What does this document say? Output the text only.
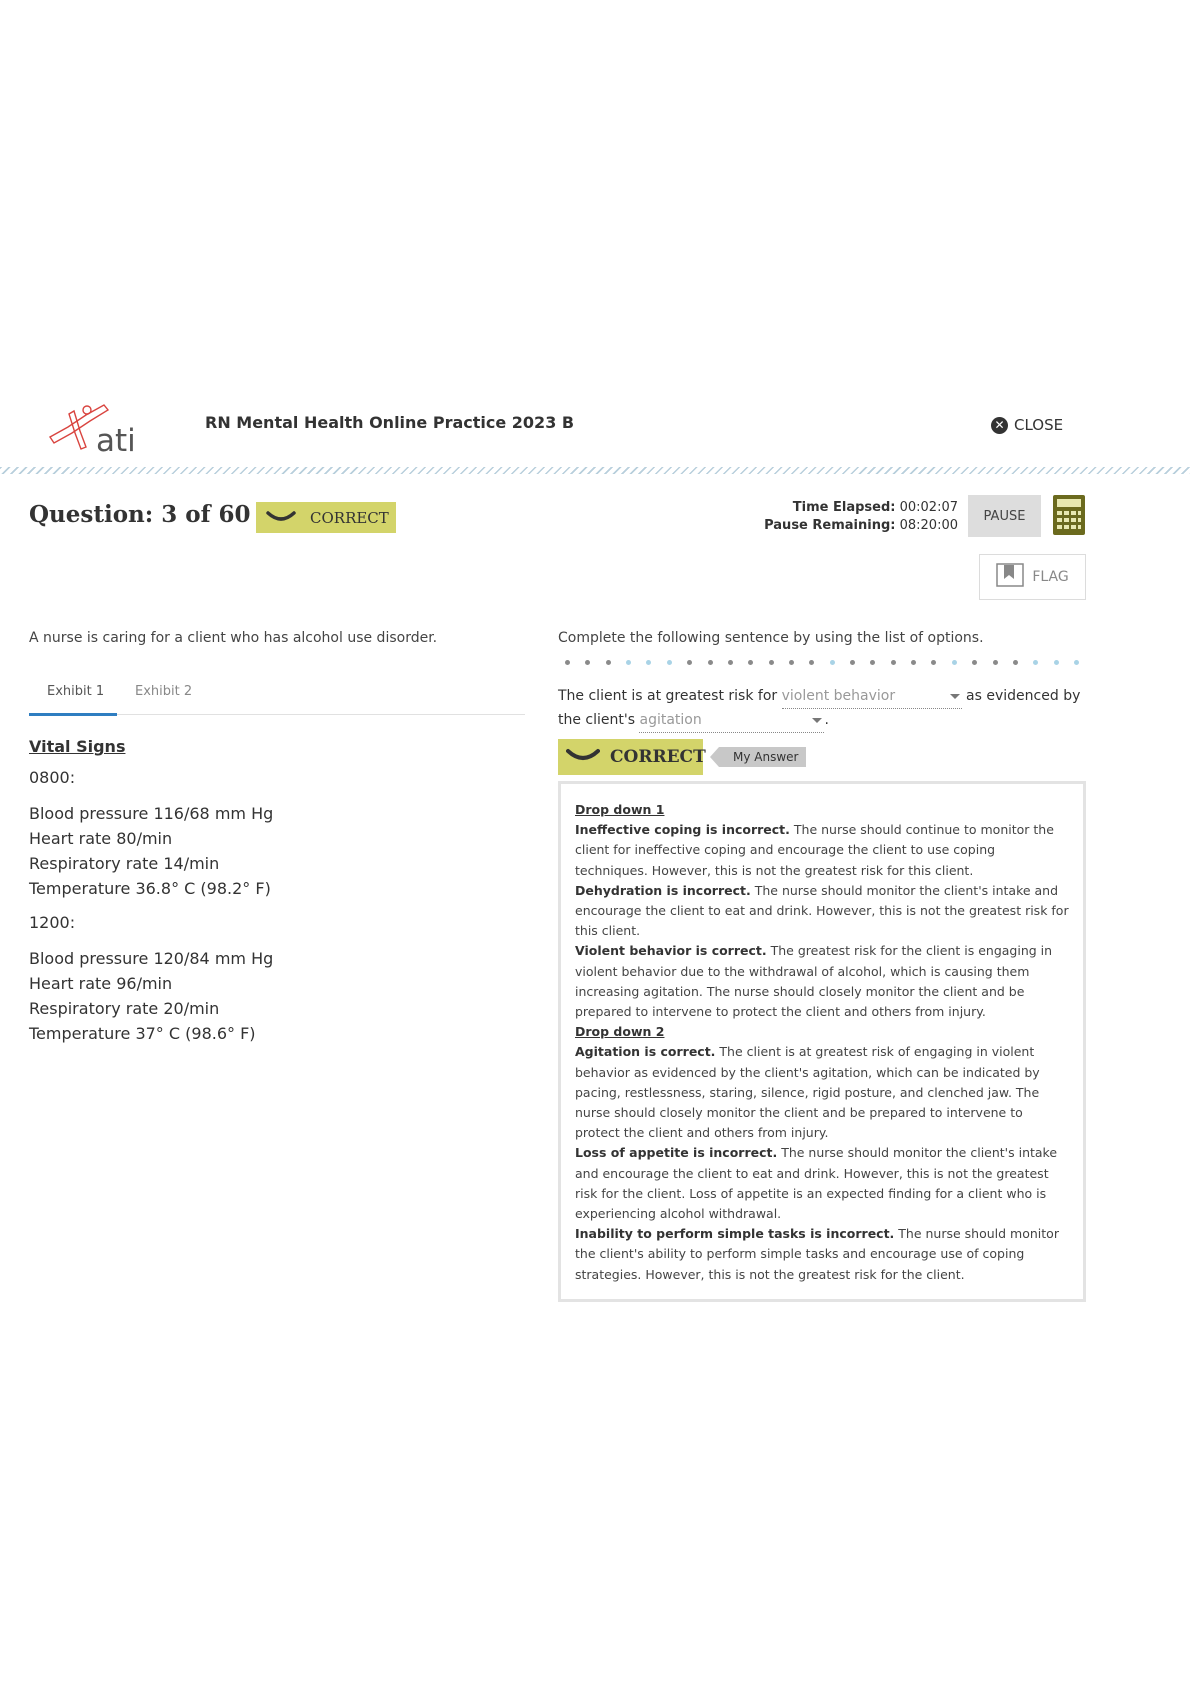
ati
RN Mental Health Online Practice 2023 B	✕ CLOSE
Question: 3 of 60	CORRECT
Time Elapsed: 00:02:07
Pause Remaining: 08:20:00
PAUSE
FLAG
A nurse is caring for a client who has alcohol use disorder.
Exhibit 1 Exhibit 2
Vital Signs
0800:
Blood pressure 116/68 mm Hg
Heart rate 80/min
Respiratory rate 14/min
Temperature 36.8° C (98.2° F)
1200:
Blood pressure 120/84 mm Hg
Heart rate 96/min
Respiratory rate 20/min
Temperature 37° C (98.6° F)
Complete the following sentence by using the list of options.
The client is at greatest risk for violent behavior	as evidenced by the client's agitation	.
CORRECT	My Answer

Drop down 1

Ineffective coping is incorrect. The nurse should continue to monitor the client for ineffective coping and encourage the client to use coping techniques. However, this is not the greatest risk for this client.

Dehydration is incorrect. The nurse should monitor the client's intake and encourage the client to eat and drink. However, this is not the greatest risk for this client.

Violent behavior is correct. The greatest risk for the client is engaging in violent behavior due to the withdrawal of alcohol, which is causing them increasing agitation. The nurse should closely monitor the client and be prepared to intervene to protect the client and others from injury.

Drop down 2

Agitation is correct. The client is at greatest risk of engaging in violent behavior as evidenced by the client's agitation, which can be indicated by pacing, restlessness, staring, silence, rigid posture, and clenched jaw. The nurse should closely monitor the client and be prepared to intervene to protect the client and others from injury.

Loss of appetite is incorrect. The nurse should monitor the client's intake and encourage the client to eat and drink. However, this is not the greatest risk for the client. Loss of appetite is an expected finding for a client who is experiencing alcohol withdrawal.

Inability to perform simple tasks is incorrect. The nurse should monitor the client's ability to perform simple tasks and encourage use of coping strategies. However, this is not the greatest risk for the client.
